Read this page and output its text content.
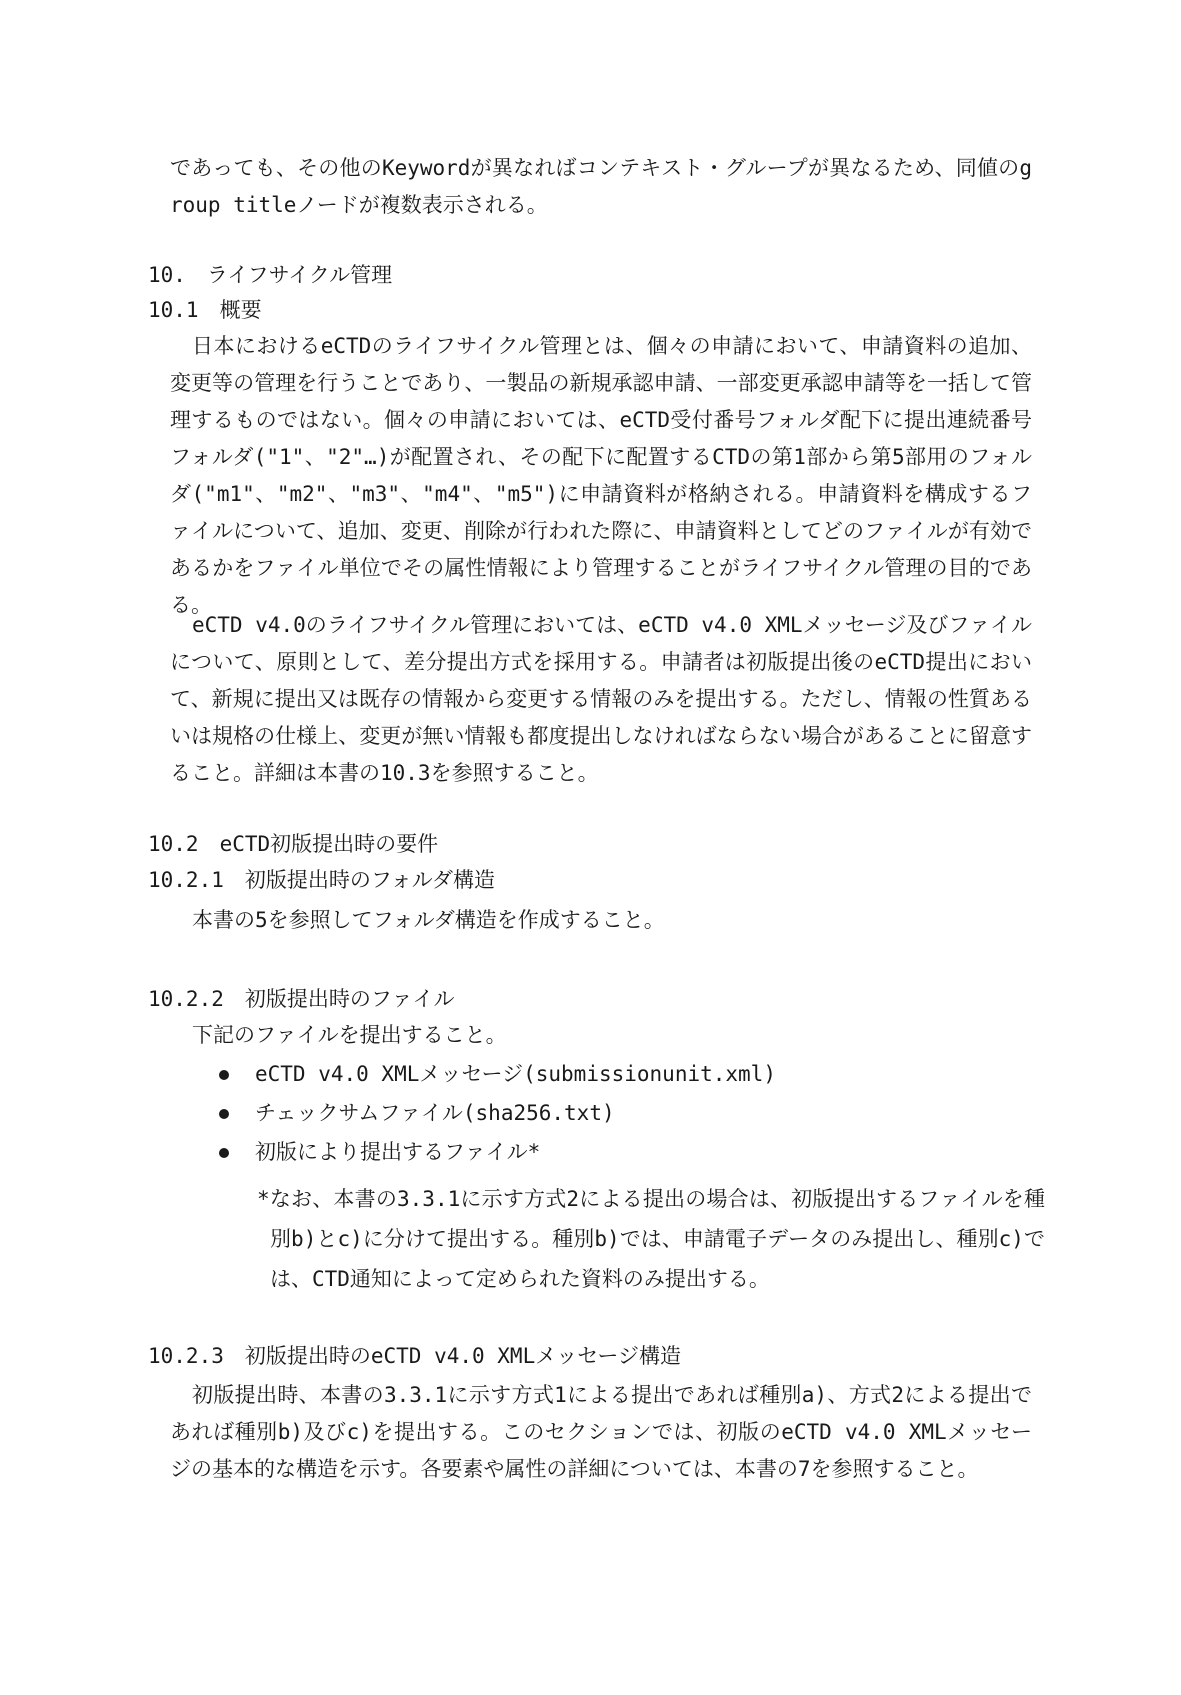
であっても、その他のKeywordが異なればコンテキスト・グループが異なるため、同値のgroup titleノードが複数表示される。

10.　ライフサイクル管理
10.1　概要

日本におけるeCTDのライフサイクル管理とは、個々の申請において、申請資料の追加、変更等の管理を行うことであり、一製品の新規承認申請、一部変更承認申請等を一括して管理するものではない。個々の申請においては、eCTD受付番号フォルダ配下に提出連続番号フォルダ("1"、"2"…)が配置され、その配下に配置するCTDの第1部から第5部用のフォルダ("m1"、"m2"、"m3"、"m4"、"m5")に申請資料が格納される。申請資料を構成するファイルについて、追加、変更、削除が行われた際に、申請資料としてどのファイルが有効であるかをファイル単位でその属性情報により管理することがライフサイクル管理の目的である。

eCTD v4.0のライフサイクル管理においては、eCTD v4.0 XMLメッセージ及びファイルについて、原則として、差分提出方式を採用する。申請者は初版提出後のeCTD提出において、新規に提出又は既存の情報から変更する情報のみを提出する。ただし、情報の性質あるいは規格の仕様上、変更が無い情報も都度提出しなければならない場合があることに留意すること。詳細は本書の10.3を参照すること。

10.2　eCTD初版提出時の要件
10.2.1　初版提出時のフォルダ構造

本書の5を参照してフォルダ構造を作成すること。

10.2.2　初版提出時のファイル

下記のファイルを提出すること。

eCTD v4.0 XMLメッセージ(submissionunit.xml)
チェックサムファイル(sha256.txt)
初版により提出するファイル*

*なお、本書の3.3.1に示す方式2による提出の場合は、初版提出するファイルを種別b)とc)に分けて提出する。種別b)では、申請電子データのみ提出し、種別c)では、CTD通知によって定められた資料のみ提出する。

10.2.3　初版提出時のeCTD v4.0 XMLメッセージ構造

初版提出時、本書の3.3.1に示す方式1による提出であれば種別a)、方式2による提出であれば種別b)及びc)を提出する。このセクションでは、初版のeCTD v4.0 XMLメッセージの基本的な構造を示す。各要素や属性の詳細については、本書の7を参照すること。
